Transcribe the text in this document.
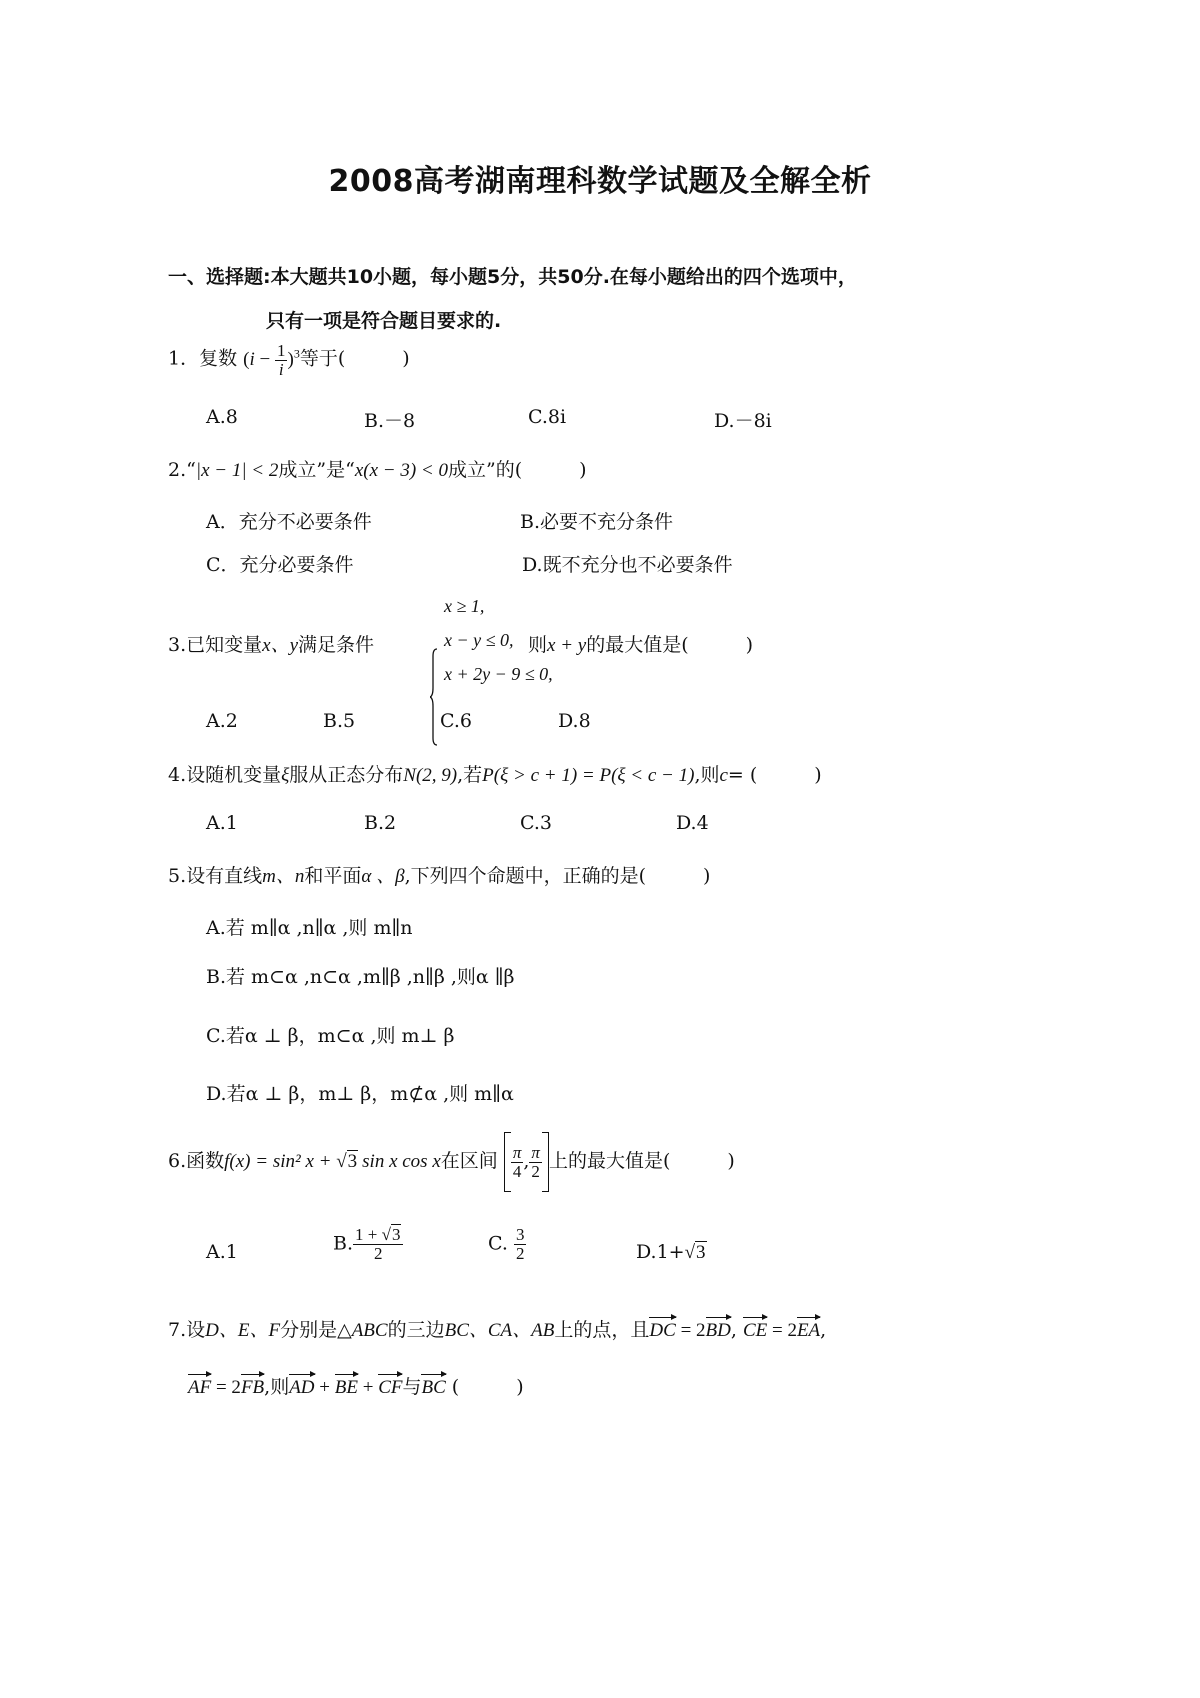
2008高考湖南理科数学试题及全解全析
一、选择题:本大题共10小题，每小题5分，共50分.在每小题给出的四个选项中，
只有一项是符合题目要求的.
1．复数 $(i - \frac{1}{i} )^3$等于(　　　)
A.8	B.－8	C.8i	D.－8i
2.“|x − 1| < 2成立”是“x(x − 3) < 0成立”的(　　　)
A．充分不必要条件	B.必要不充分条件
C．充分必要条件	D.既不充分也不必要条件
3.已知变量x、y满足条件
x ≥ 1,
x − y ≤ 0,
x + 2y − 9 ≤ 0,
则x + y的最大值是(　　　)
A.2	B.5	C.6	D.8
4.设随机变量ξ服从正态分布N(2, 9),若P(ξ > c + 1) = P(ξ < c − 1),则c= (　　　)
A.1	B.2	C.3	D.4
5.设有直线m、n和平面α 、β,下列四个命题中，正确的是(　　　)
A.若 m∥α ,n∥α ,则 m∥n
B.若 m⊂α ,n⊂α ,m∥β ,n∥β ,则α ∥β
C.若α ⊥ β，m⊂α ,则 m⊥ β
D.若α ⊥ β，m⊥ β，m⊄α ,则 m∥α
6.函数f(x) = sin² x + √3 sin x cos x在区间 $\frac{\pi}{4}$ , $\frac{\pi}{2}$ 上的最大值是(　　　)
A.1	B. $\frac{1 + √3}{2}$	C. $\frac{3}{2}$	D.1+√3
7.设D、E、F分别是△ABC的三边BC、CA、AB上的点，且DC = 2BD, CE = 2EA,
AF = 2FB,则AD + BE + CF与BC (　　　)
